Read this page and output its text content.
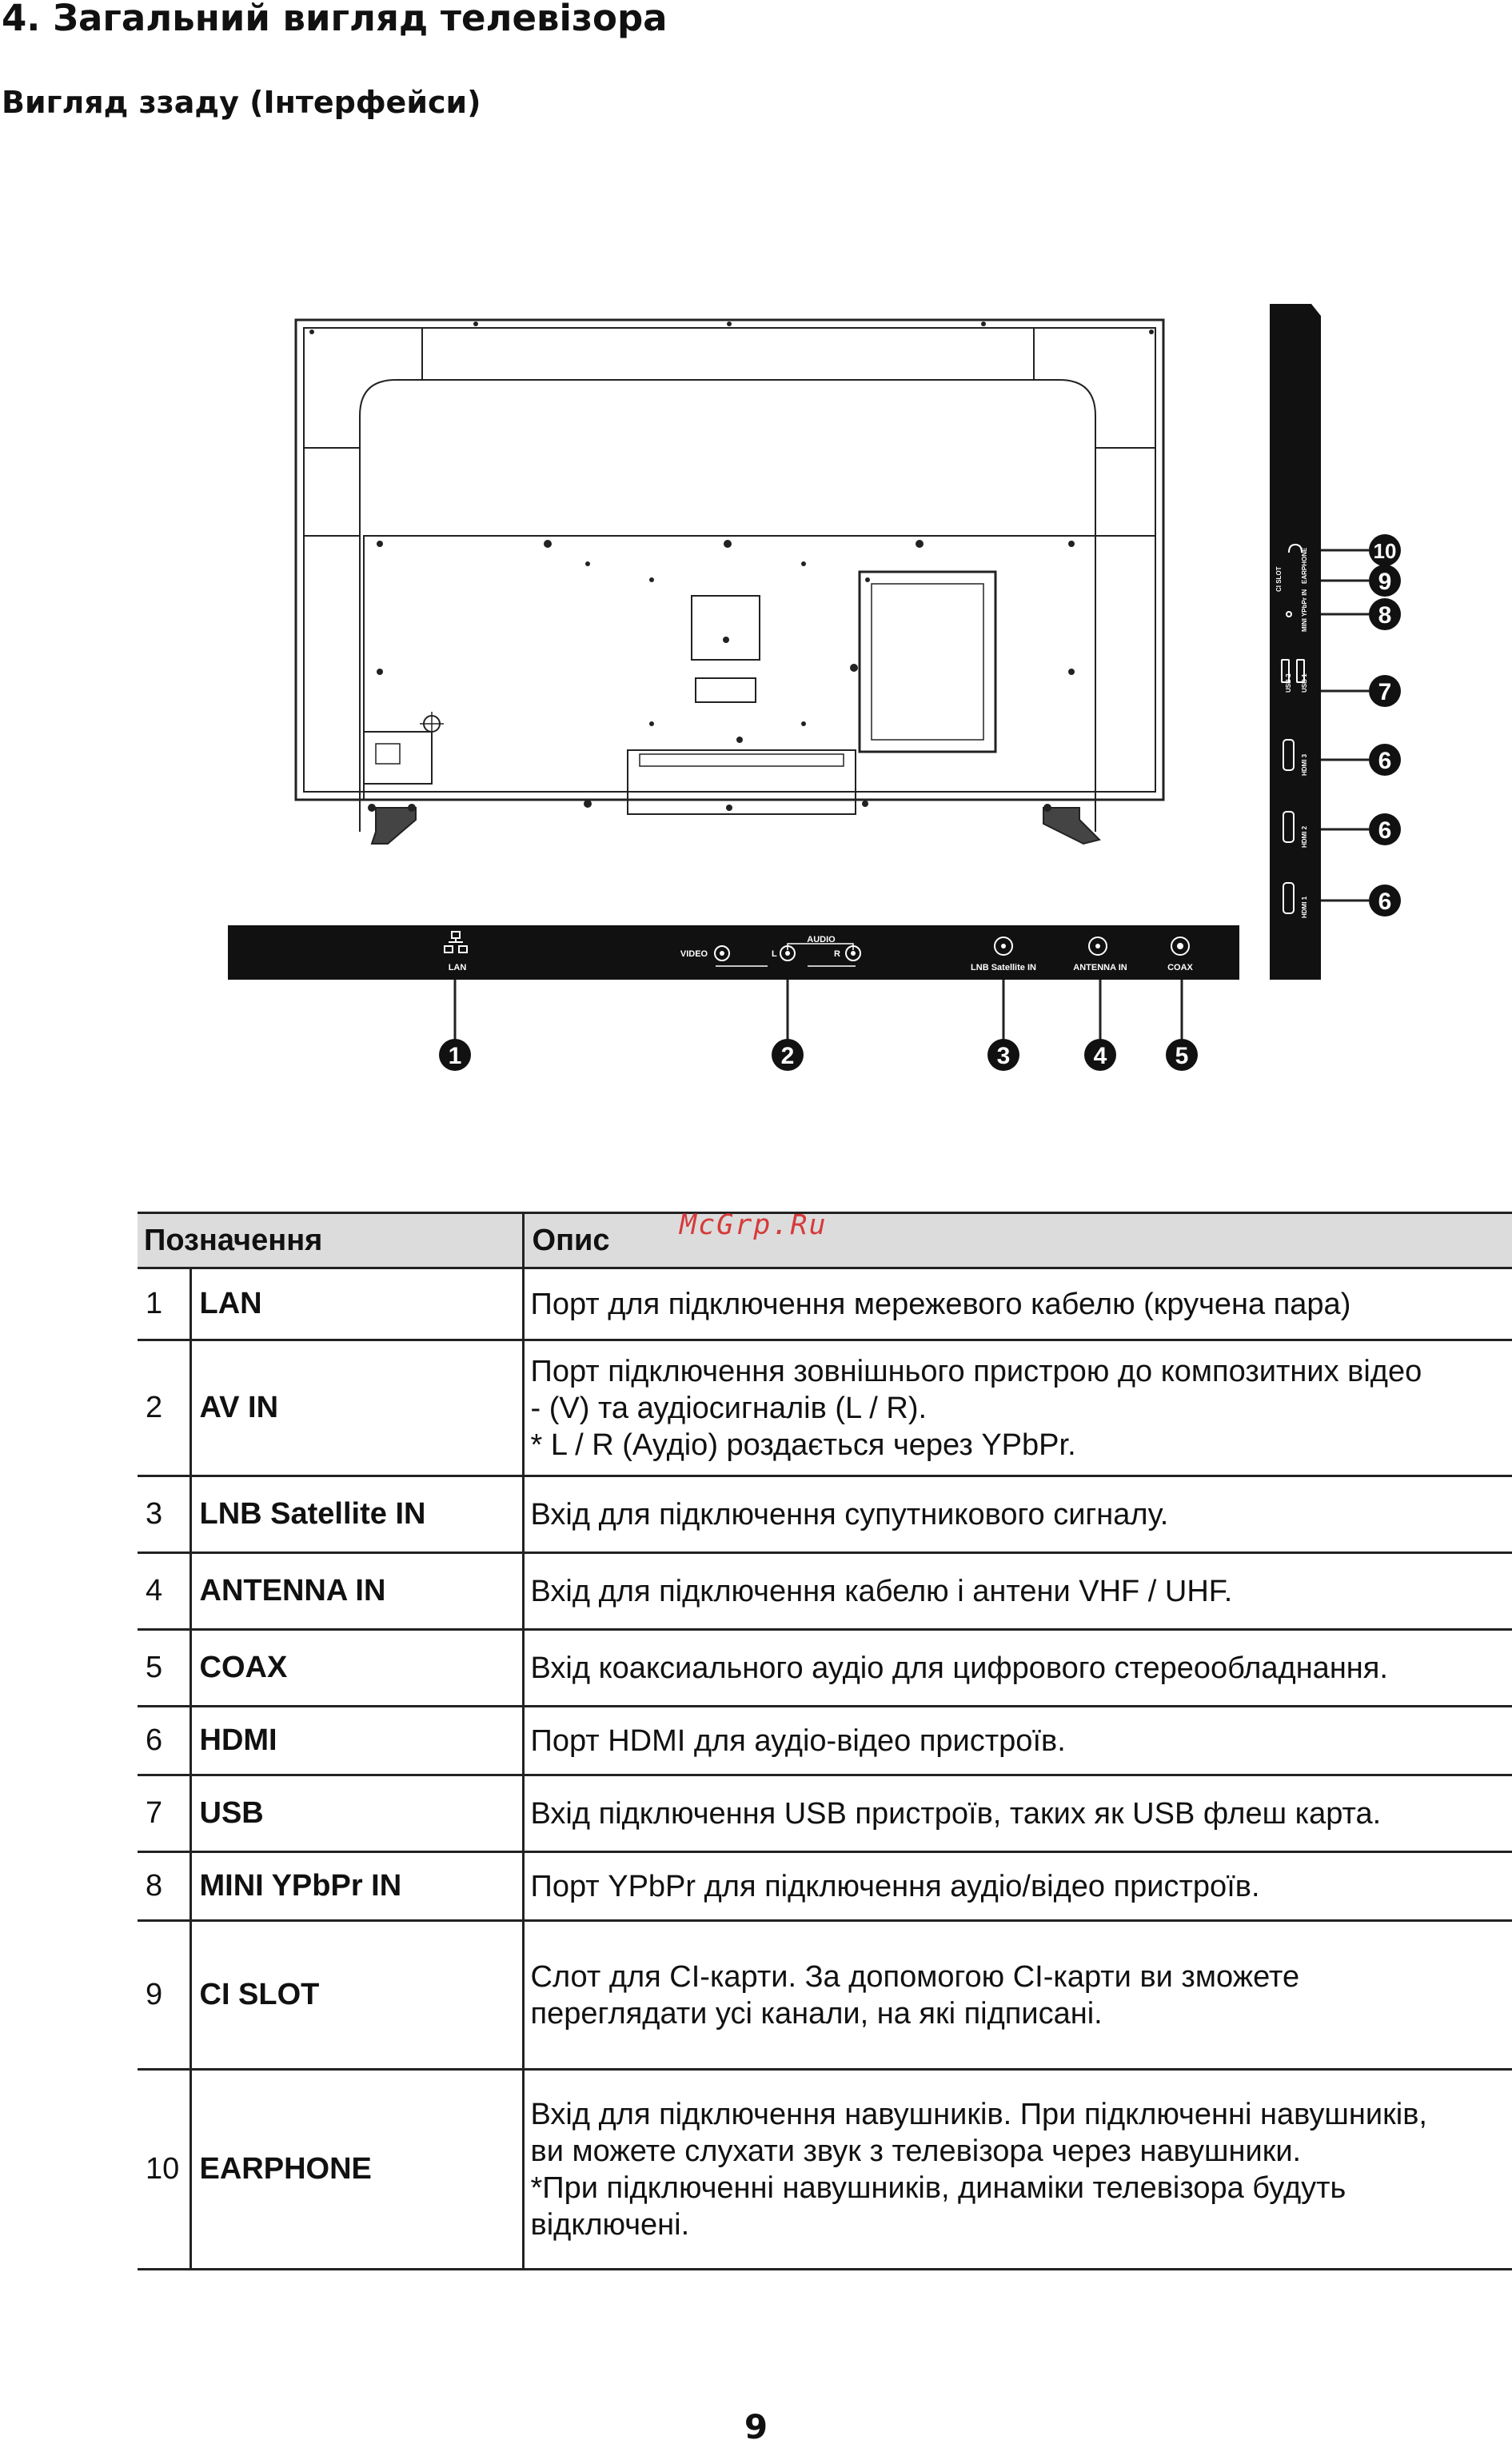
4. Загальний вигляд телевізора
Вигляд ззаду (Інтерфейси)
LAN
VIDEO
AUDIO
L	R
LNB Satellite IN	ANTENNA IN	COAX
1	2	3	4	5
CI SLOT	EARPHONE
MINI YPbPr IN
USB 2 USB 1
HDMI 3
HDMI 2
HDMI 1
10
9
8
7
6
6
6
Позначення		Опис
1	LAN	Порт для підключення мережевого кабелю (кручена пара)
2	AV IN	Порт підключення зовнішнього пристрою до композитних відео
- (V) та аудіосигналів (L / R).
* L / R (Аудіо) роздається через YPbPr.
3	LNB Satellite IN	Вхід для підключення супутникового сигналу.
4	ANTENNA IN	Вхід для підключення кабелю і антени VHF / UHF.
5	COAX	Вхід коаксиального аудіо для цифрового стереообладнання.
6	HDMI	Порт HDMI для аудіо-відео пристроїв.
7	USB	Вхід підключення USB пристроїв, таких як USB флеш карта.
8	MINI YPbPr IN	Порт YPbPr для підключення аудіо/відео пристроїв.
9	CI SLOT	Слот для CI-карти. За допомогою CI-карти ви зможете
переглядати усі канали, на які підписані.
10	EARPHONE	Вхід для підключення навушників. При підключенні навушників,
ви можете слухати звук з телевізора через навушники.
*При підключенні навушників, динаміки телевізора будуть
відключені.
McGrp.Ru
9
